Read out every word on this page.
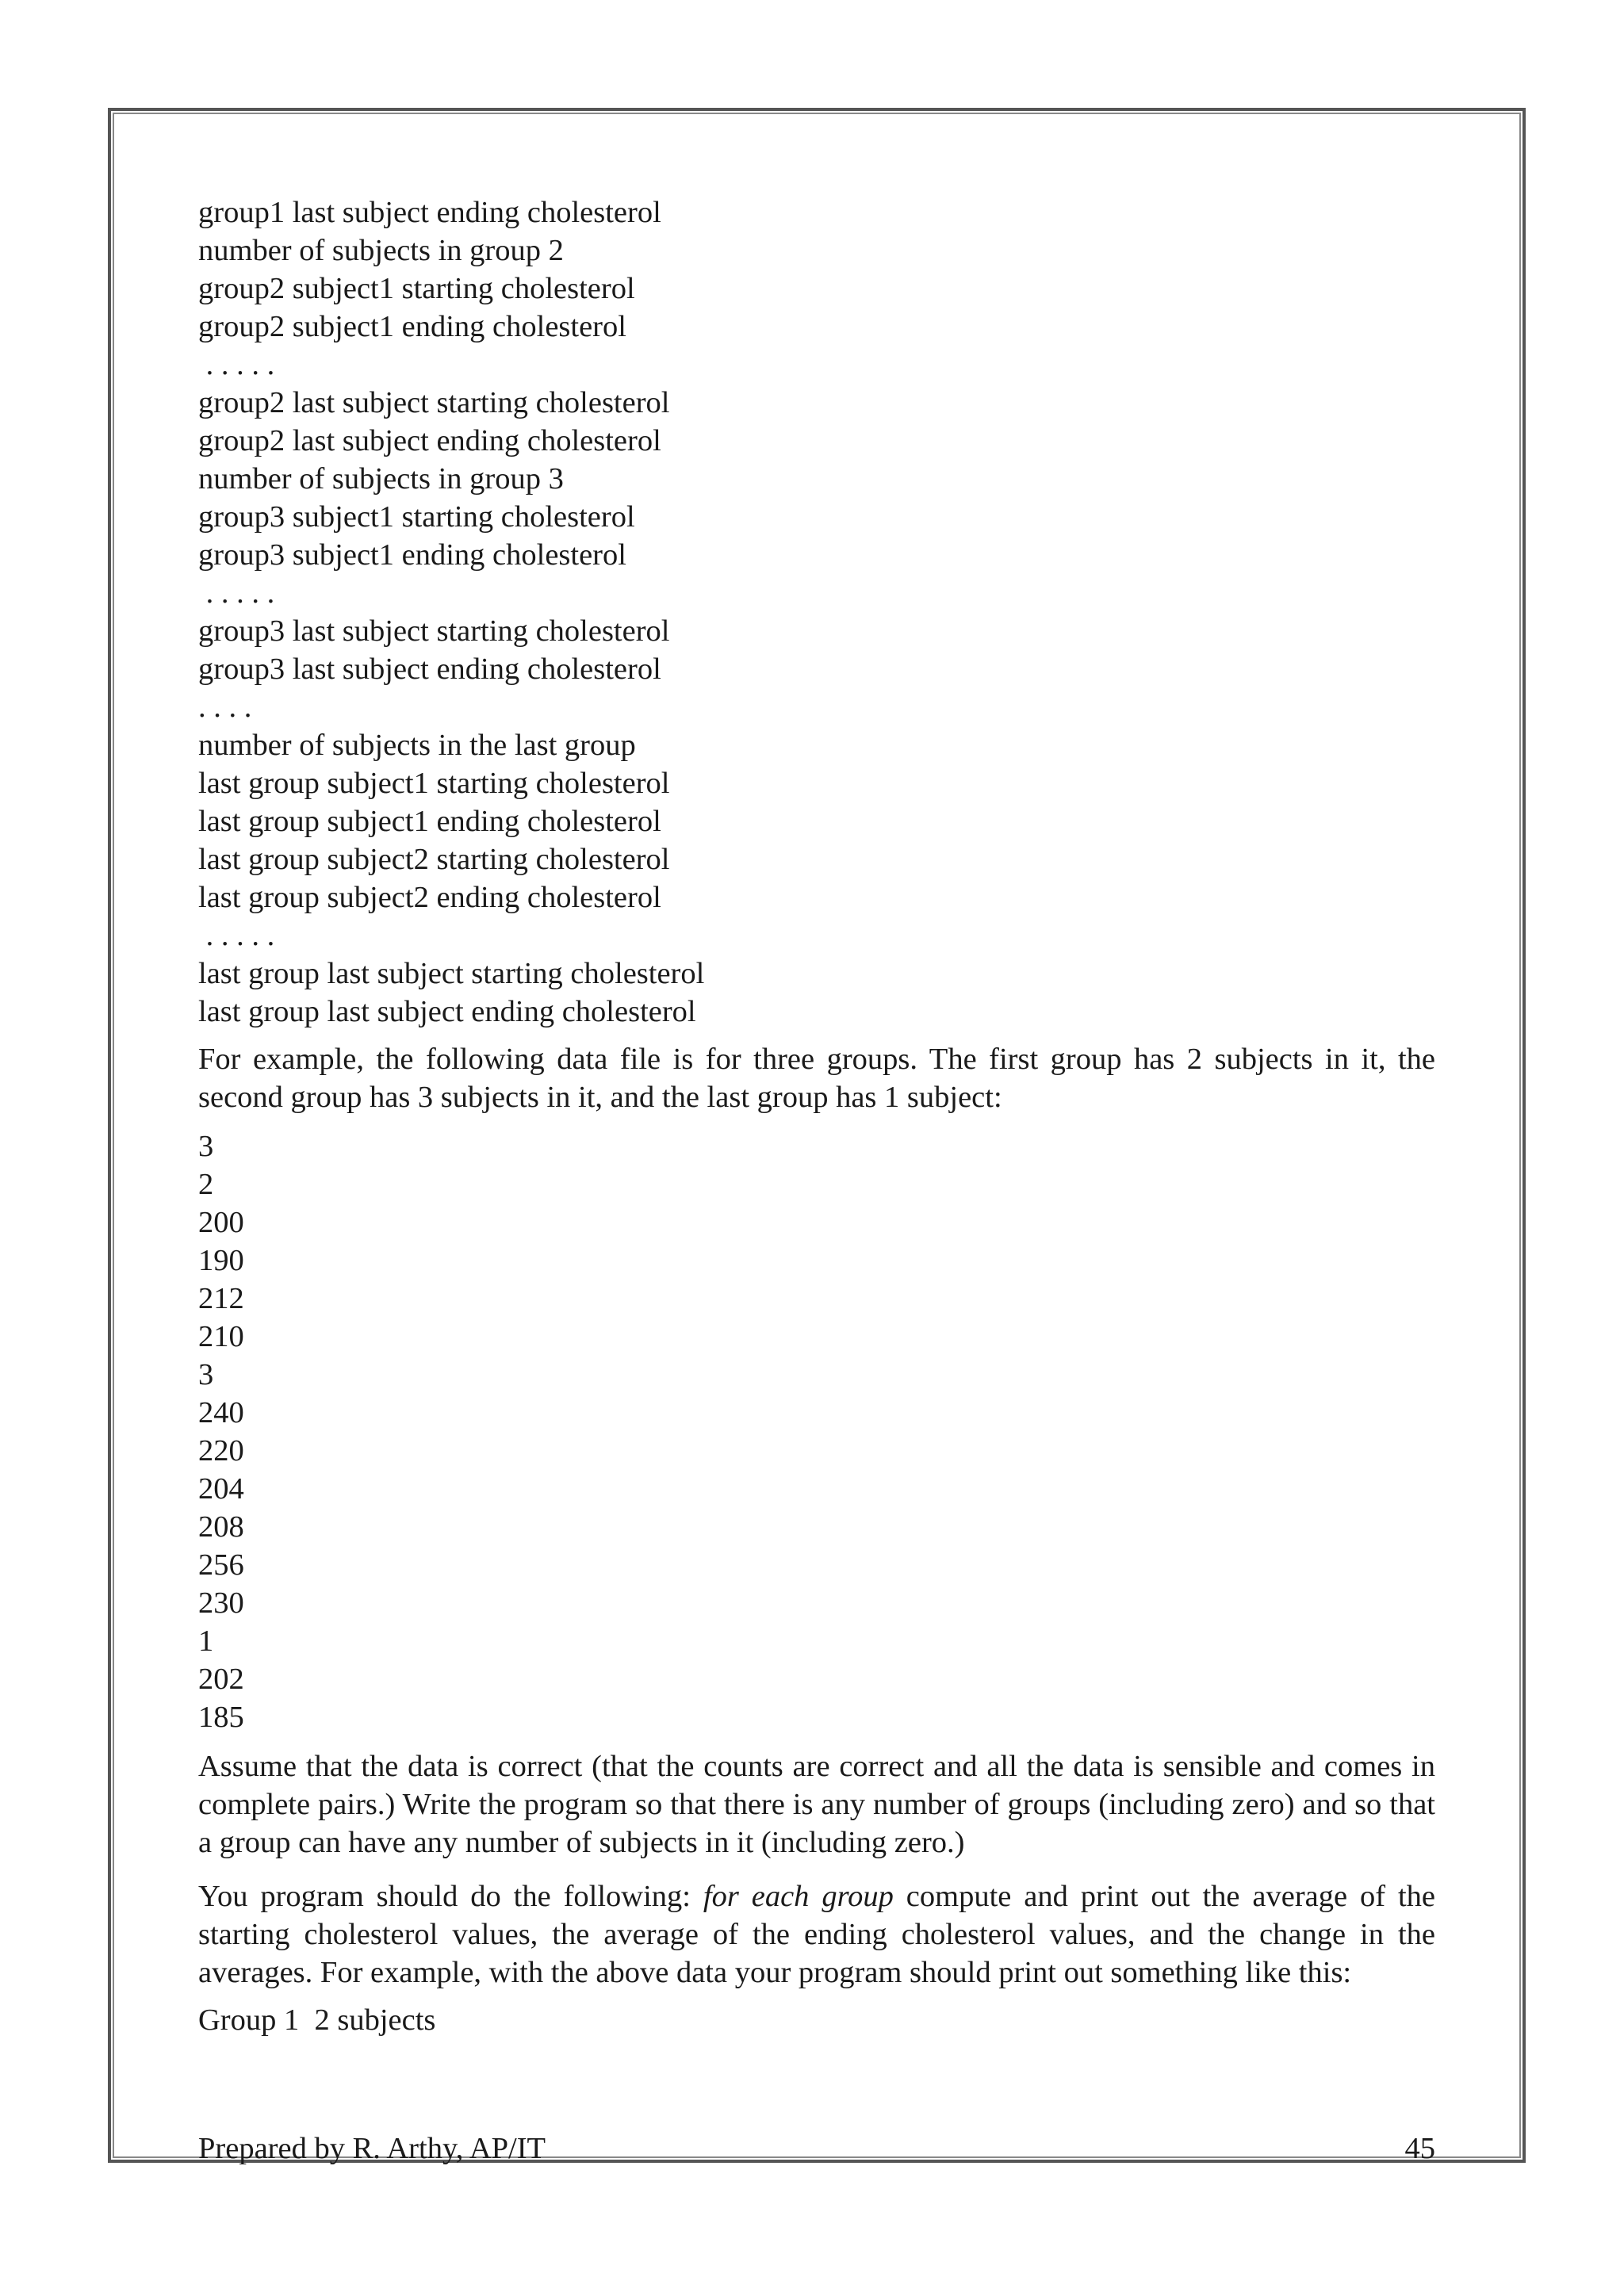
group1 last subject ending cholesterol
number of subjects in group 2
group2 subject1 starting cholesterol
group2 subject1 ending cholesterol
. . . . .
group2 last subject starting cholesterol
group2 last subject ending cholesterol
number of subjects in group 3
group3 subject1 starting cholesterol
group3 subject1 ending cholesterol
. . . . .
group3 last subject starting cholesterol
group3 last subject ending cholesterol
. . . .
number of subjects in the last group
last group subject1 starting cholesterol
last group subject1 ending cholesterol
last group subject2 starting cholesterol
last group subject2 ending cholesterol
. . . . .
last group last subject starting cholesterol
last group last subject ending cholesterol

For example, the following data file is for three groups. The first group has 2 subjects in it, the second group has 3 subjects in it, and the last group has 1 subject:

3
2
200
190
212
210
3
240
220
204
208
256
230
1
202
185

Assume that the data is correct (that the counts are correct and all the data is sensible and comes in complete pairs.) Write the program so that there is any number of groups (including zero) and so that a group can have any number of subjects in it (including zero.)

You program should do the following: for each group compute and print out the average of the starting cholesterol values, the average of the ending cholesterol values, and the change in the averages. For example, with the above data your program should print out something like this:

Group 1  2 subjects
Prepared by R. Arthy, AP/IT	45
